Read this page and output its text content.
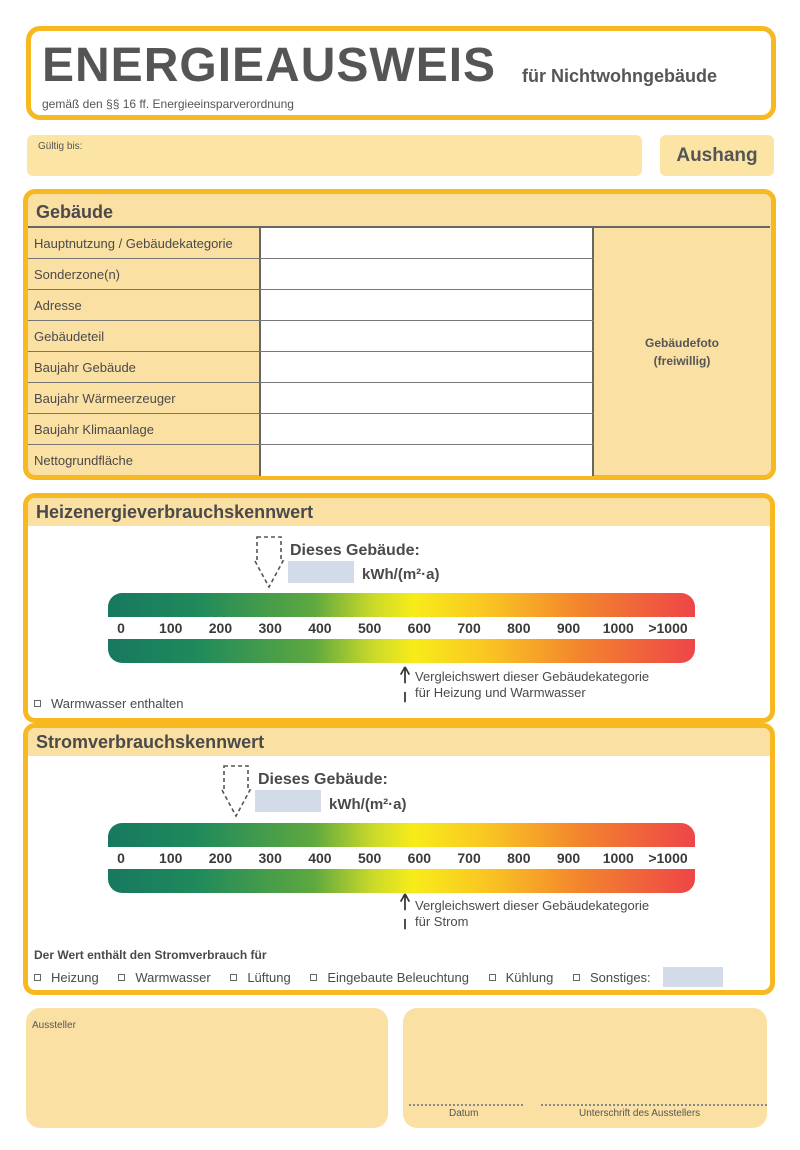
ENERGIEAUSWEIS für Nichtwohngebäude
gemäß den §§ 16 ff. Energieeinsparverordnung
Gültig bis:	Aushang
Gebäude
Hauptnutzung / Gebäudekategorie
Sonderzone(n)
Adresse
Gebäudeteil
Baujahr Gebäude
Baujahr Wärmeerzeuger
Baujahr Klimaanlage
Nettogrundfläche
Gebäudefoto
(freiwillig)
Heizenergieverbrauchskennwert
Dieses Gebäude:
kWh/(m²·a)
0 100 200 300 400 500 600 700 800 900 1000 >1000
Vergleichswert dieser Gebäudekategorie
für Heizung und Warmwasser
Warmwasser enthalten
Stromverbrauchskennwert
Dieses Gebäude:
kWh/(m²·a)
0 100 200 300 400 500 600 700 800 900 1000 >1000
Vergleichswert dieser Gebäudekategorie
für Strom
Der Wert enthält den Stromverbrauch für
Heizung	Warmwasser	Lüftung	Eingebaute Beleuchtung	Kühlung	Sonstiges:
Aussteller
Datum	Unterschrift des Ausstellers
